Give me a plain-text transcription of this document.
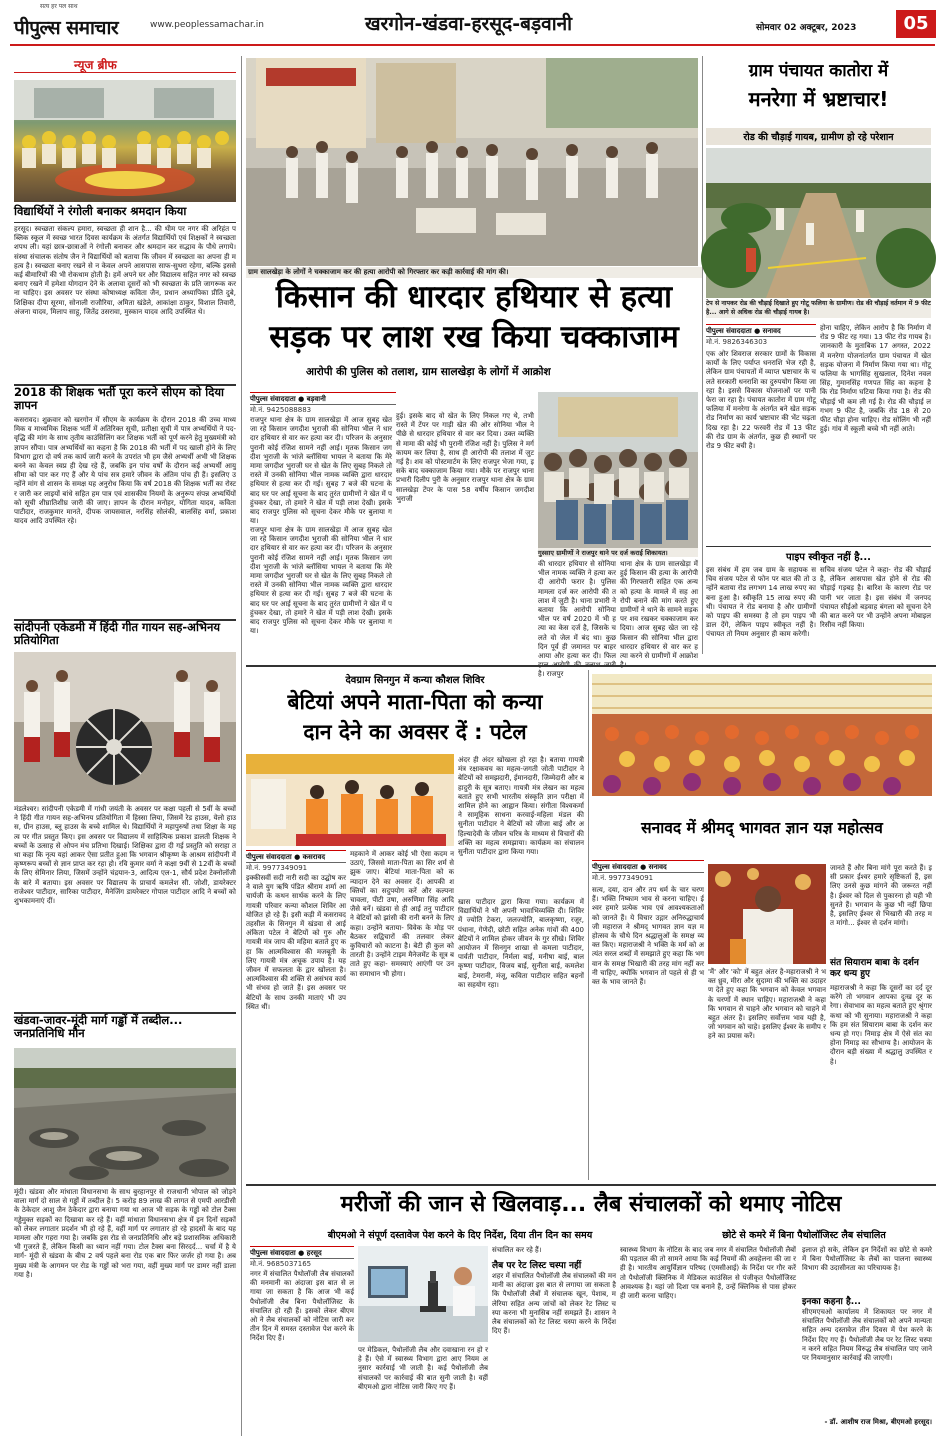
सत्य हर पल साथ
पीपुल्स समाचार	www.peoplessamachar.in	खरगोन-खंडवा-हरसूद-बड़वानी	सोमवार 02 अक्टूबर, 2023	05
न्यूज ब्रीफ
विद्यार्थियों ने रंगोली बनाकर श्रमदान किया
हरसूद। स्वच्छता संकल्प हमारा, स्वच्छता ही शान है... की थीम पर नगर की अरिहंत पब्लिक स्कूल में स्वच्छ भारत दिवस कार्यक्रम के अंतर्गत विद्यार्थियों एवं शिक्षकों ने स्वच्छता शपथ ली। यहां छात्र-छात्राओं ने रंगोली बनाकर और श्रमदान कर सद्भाव के पौधे लगाये। संस्था संचालक संतोष जैन ने विद्यार्थियों को बताया कि जीवन में स्वच्छता का अपना ही महत्व है। स्वच्छता बनाए रखने से न केवल अपने आसपास साफ-सुथरा रहेगा, बल्कि इससे कई बीमारियों की भी रोकथाम होती है। हमें अपने घर और विद्यालय सहित नगर को स्वच्छ बनाए रखने में हमेशा योगदान देने के अलावा दूसरों को भी स्वच्छता के प्रति जागरूक करना चाहिए। इस अवसर पर संस्था कोषाध्यक्ष कविता जैन, प्रधान अध्यापिका प्रीति दुबे, शिक्षिका दीपा सूरमा, सोनाली राजौरिया, अमिता खंडेले, आकांक्षा ठाकुर, विशाल तिवारी, अंजना यादव, मिलाप साहू, जितेंद्र उसरावा, मुस्कान यादव आदि उपस्थित थे।
2018 की शिक्षक भर्ती पूरा करने सीएम को दिया ज्ञापन
कसरावद। शुक्रवार को खरगोन में सीएम के कार्यक्रम के दौरान 2018 की उच्च माध्यमिक व माध्यमिक शिक्षक भर्ती में अतिरिक्त सूची, प्रतीक्षा सूची में पात्र अभ्यर्थियों ने पद-वृद्धि की मांग के साथ तृतीय काउंसिलिंग कर शिक्षक भर्ती को पूर्ण करने हेतु मुख्यमंत्री को ज्ञापन सौंपा। पात्र अभ्यर्थियों का कहना है कि 2018 की भर्ती में पद खाली होने के लिए विभाग द्वारा दो वर्ष तक कार्य जारी करने के उपरांत भी हम जैसे अभ्यर्थी अभी भी शिक्षक बनने का केवल स्वप्न ही देख रहे हैं, जबकि इन पांच वर्षों के दौरान कई अभ्यर्थी आयु सीमा को पार कर गए हैं और ये पांच सत्र हमारे जीवन के अंतिम पांच ही हैं। इसलिए उन्होंने मांग से शासन के समक्ष यह अनुरोध किया कि वर्ष 2018 की शिक्षक भर्ती का रोस्टर जारी कर लाइयों बांधे सहित हम पात्र एवं शासकीय नियमों के अनुरूप संपन्न अभ्यर्थियों को सूची शीघ्रातिशीघ्र जारी की जाए। ज्ञापन के दौरान मनोहर, योगिता यादव, कविता पाटीदार, राजकुमार मानते, दीपक जायसवाल, नरसिंह सोलंकी, बालसिंह वर्मा, प्रकाश यादव आदि उपस्थित रहे।
सांदीपनी एकेडमी में हिंदी गीत गायन सह-अभिनय प्रतियोगिता
मंडलेश्वर। सांदीपनी एकेडमी में गांधी जयंती के अवसर पर कक्षा पहली से 5वीं के बच्चों ने हिंदी गीत गायन सह-अभिनय प्रतियोगिता में हिस्सा लिया, जिसमें रेड हाउस, येलो हाउस, ग्रीन हाउस, ब्लू हाउस के बच्चे शामिल थे। विद्यार्थियों ने महापुरुषों तथा शिक्षा के महत्व पर गीत प्रस्तुत किए। इस अवसर पर विद्यालय में साहित्यिक प्रकाश डालती शिक्षक ने बच्चों के उत्साह से ओपन मंच प्रतिभा दिखाई। शिक्षिका द्वारा दी गई प्रस्तुति को सराहा तथा कहा कि नृत्य यहां आकर ऐसा प्रतीत हुआ कि भगवान श्रीकृष्ण के आश्रम सांदीपनी में कृष्णरूप बच्चों से ज्ञान प्राप्त कर रहा हो। रवि कुमार वर्मा ने कक्षा 9वीं से 12वीं के बच्चों के लिए सेमिनार लिया, जिसमें उन्होंने चंद्रयान-3, आदित्य एल-1, सौर्य प्रदेश टेक्नोलॉजी के बारे में बताया। इस अवसर पर विद्यालय के प्राचार्य कमलेश सी. जोशी, डायरेक्टर राजेश्वर पाटीदार, सारिका पाटीदार, मैनेजिंग डायरेक्टर गोपाल पाटीदार आदि ने बच्चों को शुभकामनाएं दीं।
खंडवा-जावर-मूंदी मार्ग गड्ढों में तब्दील... जनप्रतिनिधि मौन
मूंदी। खंडवा और मांधाता विधानसभा के साथ बुरहानपुर से राजधानी भोपाल को जोड़ने वाला मार्ग दो साल से गड्ढों में तब्दील है। 5 करोड़ 89 लाख की लागत से एमपी आरडीसी के ठेकेदार आशु जैन ठेकेदार द्वारा बनाया गया था आज भी सड़क के गड्ढों को टोल टैक्स गड्ढेमुक्त सड़कों का दिखावा कर रहे हैं। वहीं मांधाता विधानसभा क्षेत्र में इन दिनों सड़कों को लेकर लगातार प्रदर्शन भी हो रहे हैं, वहीं मार्ग पर लगातार हो रहे हादसों के बाद यह मामला और गहरा गया है। जबकि इस रोड से जनप्रतिनिधि और बड़े प्रशासनिक अधिकारी भी गुजरते हैं, लेकिन किसी का ध्यान नहीं गया। टोल टैक्स बना सिरदर्द... चर्चा में है ये मार्ग- मूंदी से खंडवा के बीच 2 वर्ष पहले बना रोड एक बार फिर जर्जर हो गया है। अब मुख्य मंत्री के आगमन पर रोड के गड्ढों को भरा गया, वहीं मुख्य मार्ग पर डामर नहीं डाला गया है।
ग्राम सालखेड़ा के लोगों ने चक्काजाम कर की हत्या आरोपी को गिरफ्तार कर कड़ी कार्रवाई की मांग की।
किसान की धारदार हथियार से हत्या
सड़क पर लाश रख किया चक्काजाम
आरोपी की पुलिस को तलाश, ग्राम सालखेड़ा के लोगों में आक्रोश
पीपुल्स संवाददाता ● बड़वानी
मो.नं. 9425088883
गुस्साए ग्रामीणों ने राजपुर थाने पर दर्ज कराई शिकायत।
राजपुर थाना क्षेत्र के ग्राम सालखेड़ा में आज सुबह खेत जा रहे किसान जगदीश भुराजी की सोनिया भील ने धारदार हथियार से वार कर हत्या कर दी। परिजन के अनुसार पुरानी कोई रंजिश सामने नहीं आई। मृतक किसान जगदीश भुराजी के भांजे ब्लॉसिया भायल ने बताया कि मेरे मामा जगदीश भुराजी घर से खेत के लिए सुबह निकले तो रास्ते में उनकी सोनिया भील नामक व्यक्ति द्वारा धारदार हथियार से हत्या कर दी गई। सुबह 7 बजे की घटना के बाद घर पर आई सूचना के बाद तुरंत ग्रामीणों ने खेत में पहुंचकर देखा, तो हमारे ने खेत में पड़ी लाश देखी। इसके बाद राजपुर पुलिस को सूचना देकर मौके पर बुलाया गया।
हुई। इसके बाद वो खेत के लिए निकल गए थे, तभी रास्ते में टेंपर पर गाड़ी खेत की ओर सोनिया भील ने पीछे से धारदार हथियार से वार कर दिया। उक्त व्यक्ति से मामा की कोई भी पुरानी रंजिश नहीं है। पुलिस ने मर्ग कायम कर लिया है, साथ ही आरोपी की तलाश में जुट गई है। शव को पोस्टमार्टम के लिए राजपुर भेजा गया, इसके बाद चक्काजाम किया गया। मौके पर राजपुर थाना प्रभारी दिलीप पुरी के अनुसार राजपुर थाना क्षेत्र के ग्राम सालखेड़ा टेंपर के पास 58 वर्षीय किसान जगदीश भुराजी
राजपुर थाना क्षेत्र के ग्राम सालखेड़ा में आज सुबह खेत जा रहे किसान जगदीश भुराजी की सोनिया भील ने धारदार हथियार से वार कर हत्या कर दी। परिजन के अनुसार पुरानी कोई रंजिश सामने नहीं आई। मृतक किसान जगदीश भुराजी के भांजे ब्लॉसिया भायल ने बताया कि मेरे मामा जगदीश भुराजी घर से खेत के लिए सुबह निकले तो रास्ते में उनकी सोनिया भील नामक व्यक्ति द्वारा धारदार हथियार से हत्या कर दी गई। सुबह 7 बजे की घटना के बाद घर पर आई सूचना के बाद तुरंत ग्रामीणों ने खेत में पहुंचकर देखा, तो हमारे ने खेत में पड़ी लाश देखी। इसके बाद राजपुर पुलिस को सूचना देकर मौके पर बुलाया गया।
की धारदार हथियार से सोनिया भील नामक व्यक्ति ने हत्या कर दी आरोपी फरार है। पुलिस मामला दर्ज कर आरोपी की तलाश में जुटी है। थाना प्रभारी ने बताया कि आरोपी सोनिया भील पर वर्ष 2020 में भी हत्या का केस दर्ज है, जिसके चलते वो जेल में बंद था। कुछ दिन पूर्व ही जमानत पर बाहर आया और हत्या कर दी। फिल है। राजपुर
थाना क्षेत्र के ग्राम सालखेड़ा में हुई किसान की हत्या के आरोपी की गिरफ्तारी सहित एक अन्य को हत्या के मामले में सह आरोपी बनाने की मांग करते हुए ग्रामीणों ने थाने के सामने सड़क पर शव रखकर चक्काजाम कर दिया। आज सुबह खेत जा रहे किसान की सोनिया भील द्वारा धारदार हथियार से वार कर हत्या करने से ग्रामीणों में आक्रोश
ग्राम पंचायत कातोरा में
मनरेगा में भ्रष्टाचार!
रोड की चौड़ाई गायब, ग्रामीण हो रहे परेशान
टेप से नापकर रोड की चौड़ाई दिखाते हुए गोटू फलिया के ग्रामीण। रोड की चौड़ाई वर्तमान में 9 फीट है... आगे से अधिक रोड की चौड़ाई गायब है।
पीपुल्स संवाददाता ● सनावद
मो.नं. 9826346303
एक ओर शिवराज सरकार ग्रामों के विकास कार्यों के लिए पर्याप्त धनराशि भेज रही है, लेकिन ग्राम पंचायतों में व्याप्त भ्रष्टाचार के चलते सरकारी धनराशि का दुरुपयोग किया जा रहा है। इससे विकास योजनाओं पर पानी फेरा जा रहा है। पंचायत कातोरा में ग्राम गोटू फलिया में मनरेगा के अंतर्गत बने खेत सड़क रोड निर्माण का कार्य भ्रष्टाचार की भेंट चढ़ता दिख रहा है। 22 फरवरी रोड में 13 फीट की रोड ग्राम के अंतर्गत, कुछ ही स्थानों पर रोड 9 फीट बची है।
होना चाहिए, लेकिन आरोप है कि निर्माण में रोड 9 फीट रह गया। 13 फीट रोड गायब है। जानकारी के मुताबिक 17 अगस्त, 2022 में मनरेगा योजनांतर्गत ग्राम पंचायत में खेत सड़क योजना में निर्माण किया गया था। गोटू फलिया के भागसिंह सुखलाल, दिनेश नवल सिंह, गुमानसिंह गणपत सिंह का कहना है कि रोड निर्माण घटिया किया गया है। रोड की चौड़ाई भी कम ली गई है। रोड की चौड़ाई लगभग 9 फीट है, जबकि रोड 18 से 20 फीट चौड़ा होना चाहिए। रोड सोलिंग भी नहीं हुई। गांव में स्कूली बच्चे भी नहीं आते।
पाइप स्वीकृत नहीं है...
इस संबंध में हम जब ग्राम के सहायक सचिव संजय पटेल से फोन पर बात की तो उन्होंने बताया रोड लगभग 14 लाख रुपए का बना हुआ है। स्वीकृति 15 लाख रुपए की थी। पंचायत ने रोड बनाया है और ग्रामीणों को पाइप की समस्या है तो हम पाइप भी डाल देंगे, लेकिन पाइप स्वीकृत नहीं है। पंचायत तो नियम अनुसार ही काम करेगी।
सचिव संजय पटेल ने कहा- रोड की चौड़ाई है, लेकिन आसपास खेत होने से रोड की चौड़ाई गड़बड़ है। बारिश के कारण रोड पर पानी भर जाता है। इस संबंध में जनपद पंचायत सीईओ बड़वाह बंगला को सूचना देने की बात करने पर भी उन्होंने अपना मोबाइल रिसीव नहीं किया।
देवग्राम सिनगुन में कन्या कौशल शिविर
बेटियां अपने माता-पिता को कन्या
दान देने का अवसर दें : पटेल
पीपुल्स संवाददाता ● कसरावद
मो.नं. 9977349091
इक्कीसवीं सदी नारी सदी का उद्घोष करने वाले युग ऋषि पंडित श्रीराम शर्मा आचार्यजी के कथन सार्थक करने के लिए गायत्री परिवार कन्या कौशल शिविर आयोजित हो रहे हैं। इसी कड़ी में कसरावद तहसील के सिनगुन में खंडवा से आई अंकिता पटेल ने बेटियों को गुरु और गायत्री मंत्र जाप की महिमा बताते हुए कहा कि आत्मविश्वास की मजबूती के लिए गायत्री मंत्र अचूक उपाय है। यह जीवन में सफलता के द्वार खोलता है। आत्मविश्वास की शक्ति से असंभव कार्य भी संभव हो जाते हैं। इस अवसर पर बेटियों के साथ उनकी माताएं भी उपस्थित थीं।
महकाने में आकर कोई भी ऐसा कदम न उठाएं, जिससे माता-पिता का सिर शर्म से झुक जाए। बेटियां माता-पिता को कन्यादान देने का अवसर दें। आपकी शक्तियों का सदुपयोग करें और कल्पना चावला, पीटी उषा, अरुणिमा सिंह आदि जैसे बनें। खंडवा से ही आई तनु पाटीदार ने बेटियों को झांसी की रानी बनने के लिए कहा। उन्होंने बताया- विवेक के मोड़ पर बैठकर सद्विचारों की तलवार लेकर कुविचारों को काटना है। बेटी ही कुल को तारती है। उन्होंने टाइम मैनेजमेंट के सूत्र बताते हुए कहा- समस्याएं आएंगी पर उनका समाधान भी होगा।
अंदर ही अंदर खोखला हो रहा है। बताया गायत्री मंत्र रक्षाकवच का महत्व-जगती जोती पाटीदार ने बेटियों को समझदारी, ईमानदारी, जिम्मेदारी और बहादुरी के सूत्र बताए। गायत्री मंत्र लेखन का महत्व बताते हुए सभी भारतीय संस्कृति ज्ञान परीक्षा में शामिल होने का आह्वान किया। संगीता विश्वकर्मा ने सामूहिक साधना करवाई-महिला मंडल की सुनीता पाटीदार ने बेटियों को जीजा बाई और अहिल्यादेवी के जीवन चरित्र के माध्यम से विचारों की शक्ति का महत्व समझाया। कार्यक्रम का संचालन सुनीता पाटीदार द्वारा किया गया।
खास पाटीदार द्वारा किया गया। कार्यक्रम में विद्यार्थियों ने भी अपनी भावाभिव्यक्ति दी। शिविर में ज्योति टेकरा, जलज्योति, बालकृष्णा, रजूर, पंधाना, गेणेदी, छोटी सहित अनेक गांवों की 400 बेटियों ने शामिल होकर जीवन के गुर सीखे। शिविर आयोजन में सिनगुन शाखा से कमला पाटीदार, पार्वती पाटीदार, निर्मला बाई, मनीषा बाई, बालकृष्णा पाटीदार, विजय बाई, सुनीता बाई, कमलेश बाई, टेमरानी, मंजू, कविता पाटीदार सहित बहनों का सहयोग रहा।
सनावद में श्रीमद् भागवत ज्ञान यज्ञ महोत्सव
पीपुल्स संवाददाता ● सनावद
मो.नं. 9977349091
सत्य, दया, दान और तप धर्म के चार चरण हैं। भक्ति निष्काम भाव से करना चाहिए। ईश्वर हमारे प्रत्येक भाव एवं आवश्यकताओं को जानते हैं। ये विचार उद्गार अनिरुद्धाचार्यजी महाराज ने श्रीमद् भागवत ज्ञान यज्ञ महोत्सव के चौथे दिन श्रद्धालुओं के समक्ष व्यक्त किए। महाराजश्री ने भक्ति के मर्म को अत्यंत सरल शब्दों में समझाते हुए कहा कि भगवान के समक्ष भिखारी की तरह मांग नहीं करनी चाहिए, क्योंकि भगवान तो पहले से ही भक्त के भाव जानते हैं।
'मैं' और 'को' में बहुत अंतर है-महाराजश्री ने भक्त ध्रुव, मीरा और सुदामा की भक्ति का उदाहरण देते हुए कहा कि भगवान को केवल भगवान के चरणों में स्थान चाहिए। महाराजश्री ने कहा कि भगवान से चाहने और भगवान को चाहने में बहुत अंतर है। इसलिए सर्वोत्तम भाव यही है, जो भगवान को चाहे। इसलिए ईश्वर के समीप रहने का प्रयास करें।
जानते हैं और बिना मांगे पूरा करते हैं। इसी प्रकार ईश्वर हमारे सृष्टिकर्ता हैं, इसलिए उनसे कुछ मांगने की जरूरत नहीं है। ईश्वर को दिल से पुकारना हो यही भी सुनते हैं। भगवान के कुछ भी नहीं छिपा है, इसलिए ईश्वर से भिखारी की तरह मत मांगो... ईश्वर से दर्शन मांगो।
संत सियाराम बाबा के दर्शन कर धन्य हुए
महाराजश्री ने कहा कि दूसरों का दर्द दूर करेंगे तो भगवान आपका दुःख दूर करेगा। सेवाभाव का महत्व बताते हुए श्रृंगार कथा को भी सुनाया। महाराजश्री ने कहा कि हम संत सियाराम बाबा के दर्शन कर धन्य हो गए। निमाड़ क्षेत्र में ऐसे संत का होना निमाड़ का सौभाग्य है। आयोजन के दौरान बड़ी संख्या में श्रद्धालु उपस्थित रहे।
मरीजों की जान से खिलवाड़... लैब संचालकों को थमाए नोटिस
बीएमओ ने संपूर्ण दस्तावेज पेश करने के दिए निर्देश, दिया तीन दिन का समय	छोटे से कमरे में बिना पैथोलॉजिस्ट लैब संचालित
पीपुल्स संवाददाता ● हरसूद
मो.नं. 9685037165
नगर में संचालित पैथोलॉजी लैब संचालकों की मनमानी का अंदाजा इस बात से लगाया जा सकता है कि आज भी कई पैथोलॉजी लैब बिना पैथोलॉजिस्ट के संचालित हो रही हैं। इसको लेकर बीएमओ ने लैब संचालकों को नोटिस जारी कर तीन दिन में समस्त दस्तावेज पेश करने के निर्देश दिए हैं।
पर मेडिकल, पैथोलॉजी लैब और दवाखाना रन हो रहे हैं। ऐसे में स्वास्थ्य विभाग द्वारा आए नियम अनुसार कार्रवाई भी जाती है। कई पैथोलॉजी लैब संचालकों पर कार्रवाई की बात सुनी जाती है। वहीं बीएमओ द्वारा नोटिस जारी किए गए हैं।
संचालित कर रहे हैं।
लैब पर रेट लिस्ट चस्पा नहीं
शहर में संचालित पैथोलॉजी लैब संचालकों की मनमानी का अंदाजा इस बात से लगाया जा सकता है कि पैथोलॉजी लैबों में संचालक खून, पेशाब, मलेरिया सहित अन्य जांचों को लेकर रेट लिस्ट चस्पा करना भी मुनासिब नहीं समझते हैं। शासन ने लैब संचालकों को रेट लिस्ट चस्पा करने के निर्देश दिए हैं।
स्वास्थ्य विभाग के नोटिस के बाद जब नगर में संचालित पैथोलॉजी लैबों की पड़ताल की तो सामने आया कि कई नियमों की अवहेलना की जा रही है। भारतीय आयुर्विज्ञान परिषद (एमसीआई) के निर्देश पर गौर करें तो पैथोलॉजी क्लिनिक में मेडिकल काउंसिल से पंजीकृत पैथोलॉजिस्ट आवश्यक है। यहां जो दिशा पत्र बनाने हैं, उन्हें क्लिनिक से पास होकर ही जारी करना चाहिए।
इलाज हो सके, लेकिन इन निर्देशों का छोटे से कमरे में बिना पैथोलॉजिस्ट के लैबों का पालना स्वास्थ्य विभाग की उदासीनता का परिचायक है।
इनका कहना है...
सीएमएचओ कार्यालय में शिकायत पर नगर में संचालित पैथोलॉजी लैब संचालकों को अपने मान्यता सहित अन्य दस्तावेज तीन दिवस में पेश करने के निर्देश दिए गए हैं। पैथोलॉजी लैब पर रेट लिस्ट चस्पा न करने सहित नियम विरुद्ध लैब संचालित पाए जाने पर नियमानुसार कार्रवाई की जाएगी।
- डॉ. आशीष राज मिश्रा, बीएमओ हरसूद।
